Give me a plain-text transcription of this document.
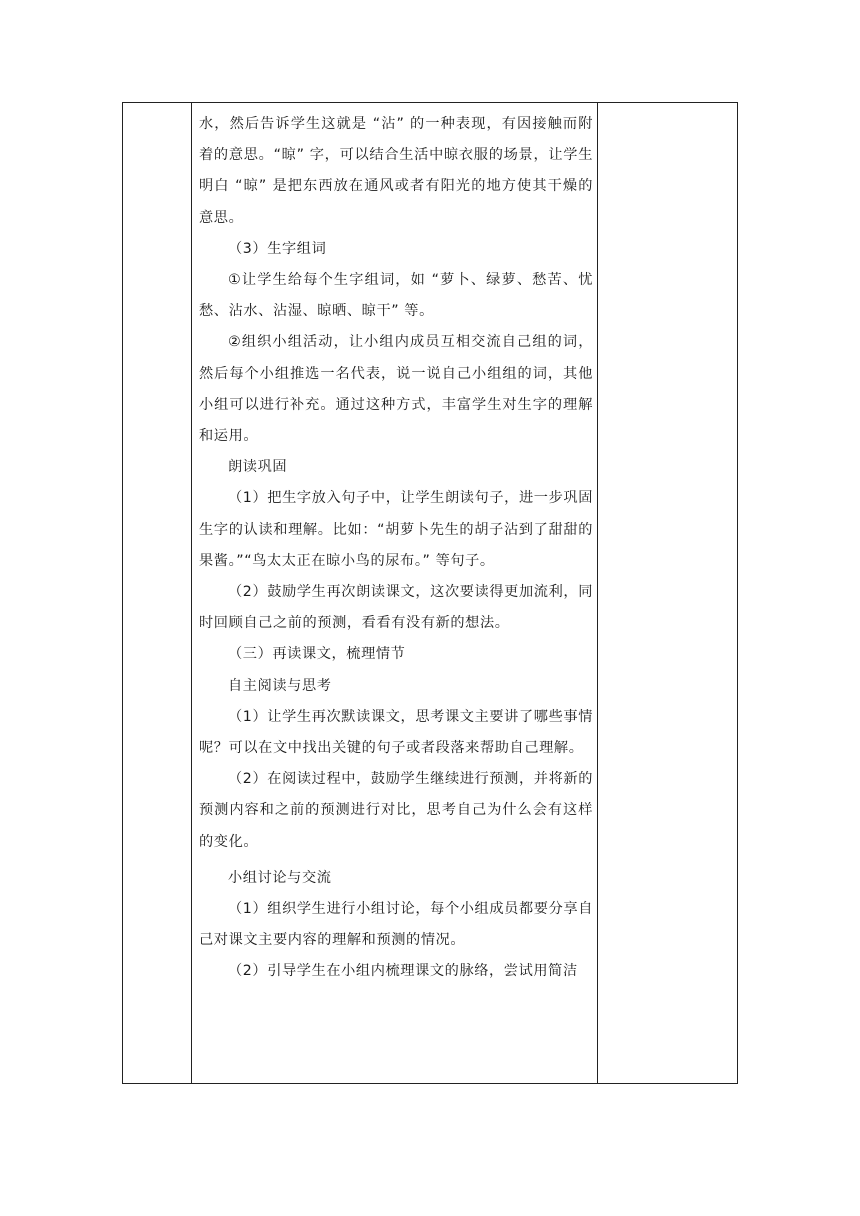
水，然后告诉学生这就是 “沾” 的一种表现，有因接触而附着的意思。“晾” 字，可以结合生活中晾衣服的场景，让学生明白 “晾” 是把东西放在通风或者有阳光的地方使其干燥的意思。

（3）生字组词

①让学生给每个生字组词，如 “萝卜、绿萝、愁苦、忧愁、沾水、沾湿、晾晒、晾干” 等。

②组织小组活动，让小组内成员互相交流自己组的词，然后每个小组推选一名代表，说一说自己小组组的词，其他小组可以进行补充。通过这种方式，丰富学生对生字的理解和运用。

朗读巩固

（1）把生字放入句子中，让学生朗读句子，进一步巩固生字的认读和理解。比如：“胡萝卜先生的胡子沾到了甜甜的果酱。”“鸟太太正在晾小鸟的尿布。” 等句子。

（2）鼓励学生再次朗读课文，这次要读得更加流利，同时回顾自己之前的预测，看看有没有新的想法。

（三）再读课文，梳理情节

自主阅读与思考

（1）让学生再次默读课文，思考课文主要讲了哪些事情呢？可以在文中找出关键的句子或者段落来帮助自己理解。

（2）在阅读过程中，鼓励学生继续进行预测，并将新的预测内容和之前的预测进行对比，思考自己为什么会有这样的变化。

小组讨论与交流

（1）组织学生进行小组讨论，每个小组成员都要分享自己对课文主要内容的理解和预测的情况。

（2）引导学生在小组内梳理课文的脉络，尝试用简洁
